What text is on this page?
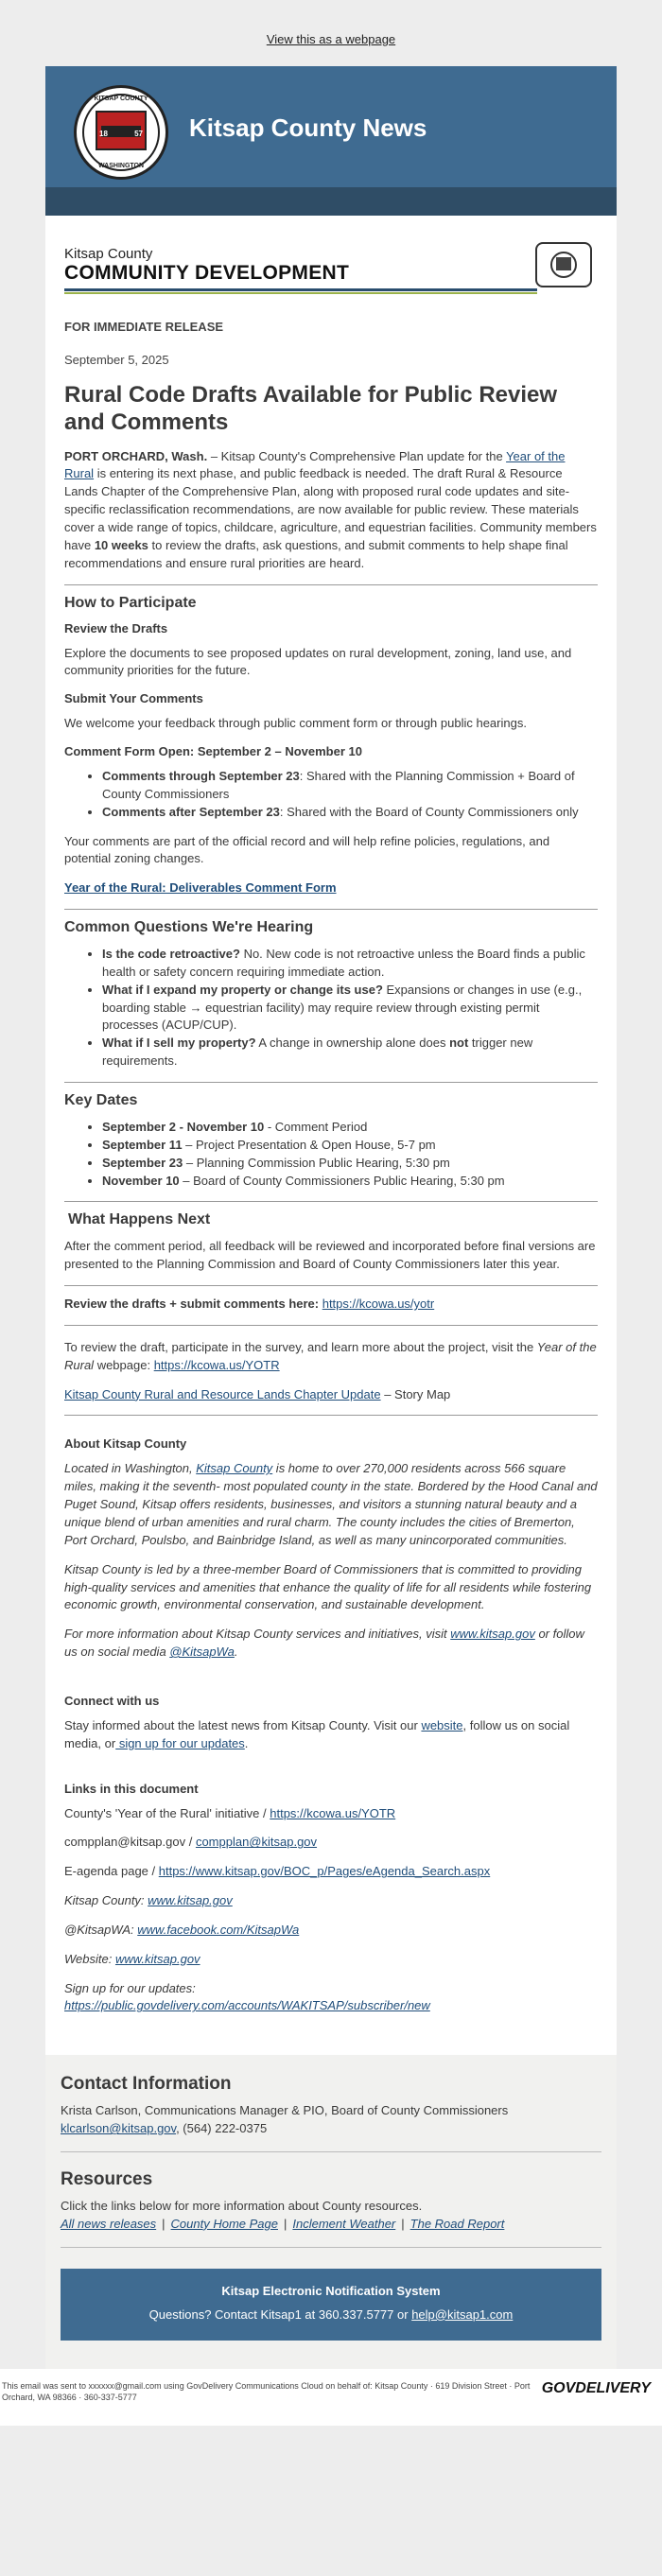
View this as a webpage
KITSAP COUNTY
18	57
WASHINGTON
Kitsap County News
Kitsap County
COMMUNITY DEVELOPMENT
FOR IMMEDIATE RELEASE
September 5, 2025
Rural Code Drafts Available for Public Review and Comments

PORT ORCHARD, Wash. – Kitsap County's Comprehensive Plan update for the Year of the Rural is entering its next phase, and public feedback is needed. The draft Rural & Resource Lands Chapter of the Comprehensive Plan, along with proposed rural code updates and site-specific reclassification recommendations, are now available for public review. These materials cover a wide range of topics, childcare, agriculture, and equestrian facilities. Community members have 10 weeks to review the drafts, ask questions, and submit comments to help shape final recommendations and ensure rural priorities are heard.

How to Participate
Review the Drafts

Explore the documents to see proposed updates on rural development, zoning, land use, and community priorities for the future.

Submit Your Comments

We welcome your feedback through public comment form or through public hearings.

Comment Form Open: September 2 – November 10
• Comments through September 23: Shared with the Planning Commission + Board of County Commissioners
• Comments after September 23: Shared with the Board of County Commissioners only

Your comments are part of the official record and will help refine policies, regulations, and potential zoning changes.

Year of the Rural: Deliverables Comment Form

Common Questions We're Hearing
• Is the code retroactive? No. New code is not retroactive unless the Board finds a public health or safety concern requiring immediate action.
• What if I expand my property or change its use? Expansions or changes in use (e.g., boarding stable → equestrian facility) may require review through existing permit processes (ACUP/CUP).
• What if I sell my property? A change in ownership alone does not trigger new requirements.
Key Dates
• September 2 - November 10 - Comment Period
• September 11 – Project Presentation & Open House, 5-7 pm
• September 23 – Planning Commission Public Hearing, 5:30 pm
• November 10 – Board of County Commissioners Public Hearing, 5:30 pm
What Happens Next

After the comment period, all feedback will be reviewed and incorporated before final versions are presented to the Planning Commission and Board of County Commissioners later this year.

Review the drafts + submit comments here: https://kcowa.us/yotr

To review the draft, participate in the survey, and learn more about the project, visit the Year of the Rural webpage: https://kcowa.us/YOTR

Kitsap County Rural and Resource Lands Chapter Update – Story Map

About Kitsap County

Located in Washington, Kitsap County is home to over 270,000 residents across 566 square miles, making it the seventh- most populated county in the state. Bordered by the Hood Canal and Puget Sound, Kitsap offers residents, businesses, and visitors a stunning natural beauty and a unique blend of urban amenities and rural charm. The county includes the cities of Bremerton, Port Orchard, Poulsbo, and Bainbridge Island, as well as many unincorporated communities.

Kitsap County is led by a three-member Board of Commissioners that is committed to providing high-quality services and amenities that enhance the quality of life for all residents while fostering economic growth, environmental conservation, and sustainable development.

For more information about Kitsap County services and initiatives, visit www.kitsap.gov or follow us on social media @KitsapWa.

Connect with us

Stay informed about the latest news from Kitsap County. Visit our website, follow us on social media, or sign up for our updates.

Links in this document

County's 'Year of the Rural' initiative / https://kcowa.us/YOTR

compplan@kitsap.gov / compplan@kitsap.gov

E-agenda page / https://www.kitsap.gov/BOC_p/Pages/eAgenda_Search.aspx

Kitsap County: www.kitsap.gov

@KitsapWA: www.facebook.com/KitsapWa

Website: www.kitsap.gov

Sign up for our updates:
https://public.govdelivery.com/accounts/WAKITSAP/subscriber/new

Contact Information
Krista Carlson, Communications Manager & PIO, Board of County Commissioners
klcarlson@kitsap.gov, (564) 222-0375
Resources
Click the links below for more information about County resources.
All news releases | County Home Page | Inclement Weather | The Road Report
Kitsap Electronic Notification System
Questions? Contact Kitsap1 at 360.337.5777 or help@kitsap1.com
This email was sent to xxxxxx@gmail.com using GovDelivery Communications Cloud on behalf of: Kitsap County · 619 Division Street · Port Orchard, WA 98366 · 360-337-5777
GOVDELIVERY
